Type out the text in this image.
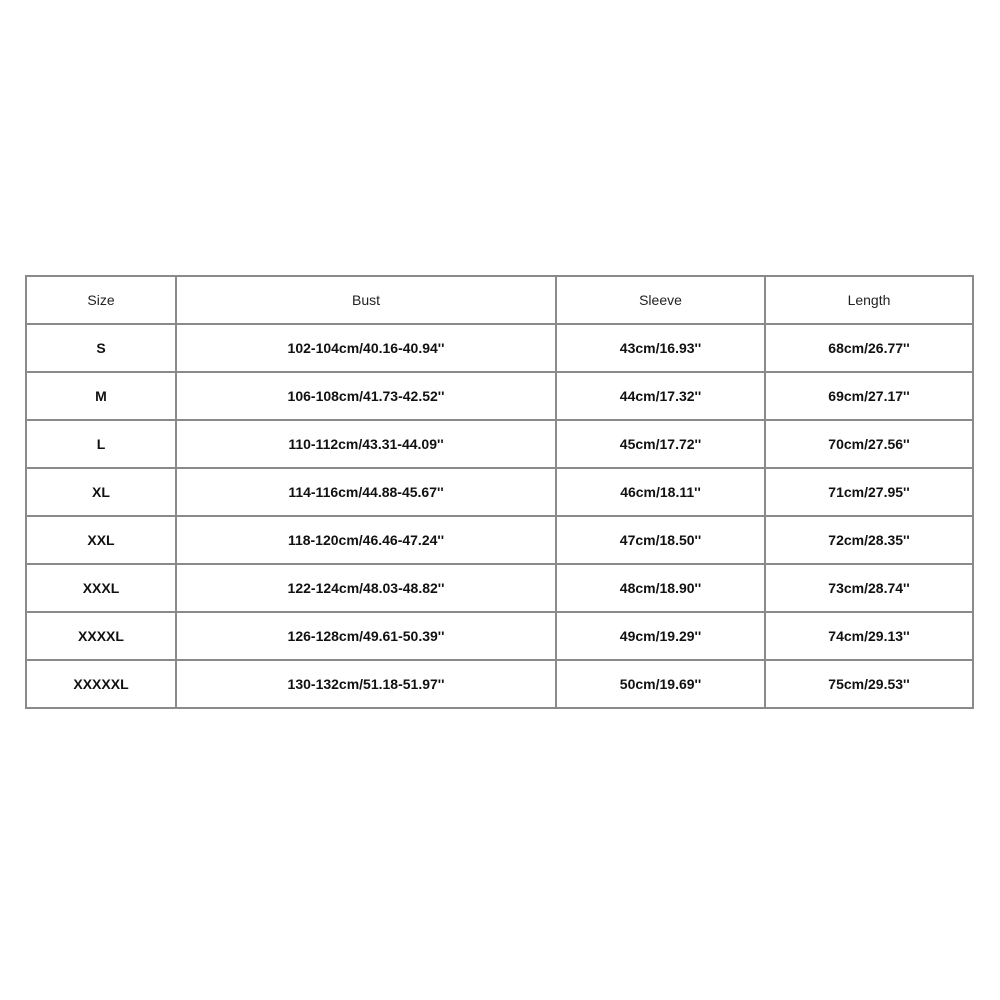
Size	Bust	Sleeve	Length
S	102-104cm/40.16-40.94''	43cm/16.93''	68cm/26.77''
M	106-108cm/41.73-42.52''	44cm/17.32''	69cm/27.17''
L	110-112cm/43.31-44.09''	45cm/17.72''	70cm/27.56''
XL	114-116cm/44.88-45.67''	46cm/18.11''	71cm/27.95''
XXL	118-120cm/46.46-47.24''	47cm/18.50''	72cm/28.35''
XXXL	122-124cm/48.03-48.82''	48cm/18.90''	73cm/28.74''
XXXXL	126-128cm/49.61-50.39''	49cm/19.29''	74cm/29.13''
XXXXXL	130-132cm/51.18-51.97''	50cm/19.69''	75cm/29.53''
